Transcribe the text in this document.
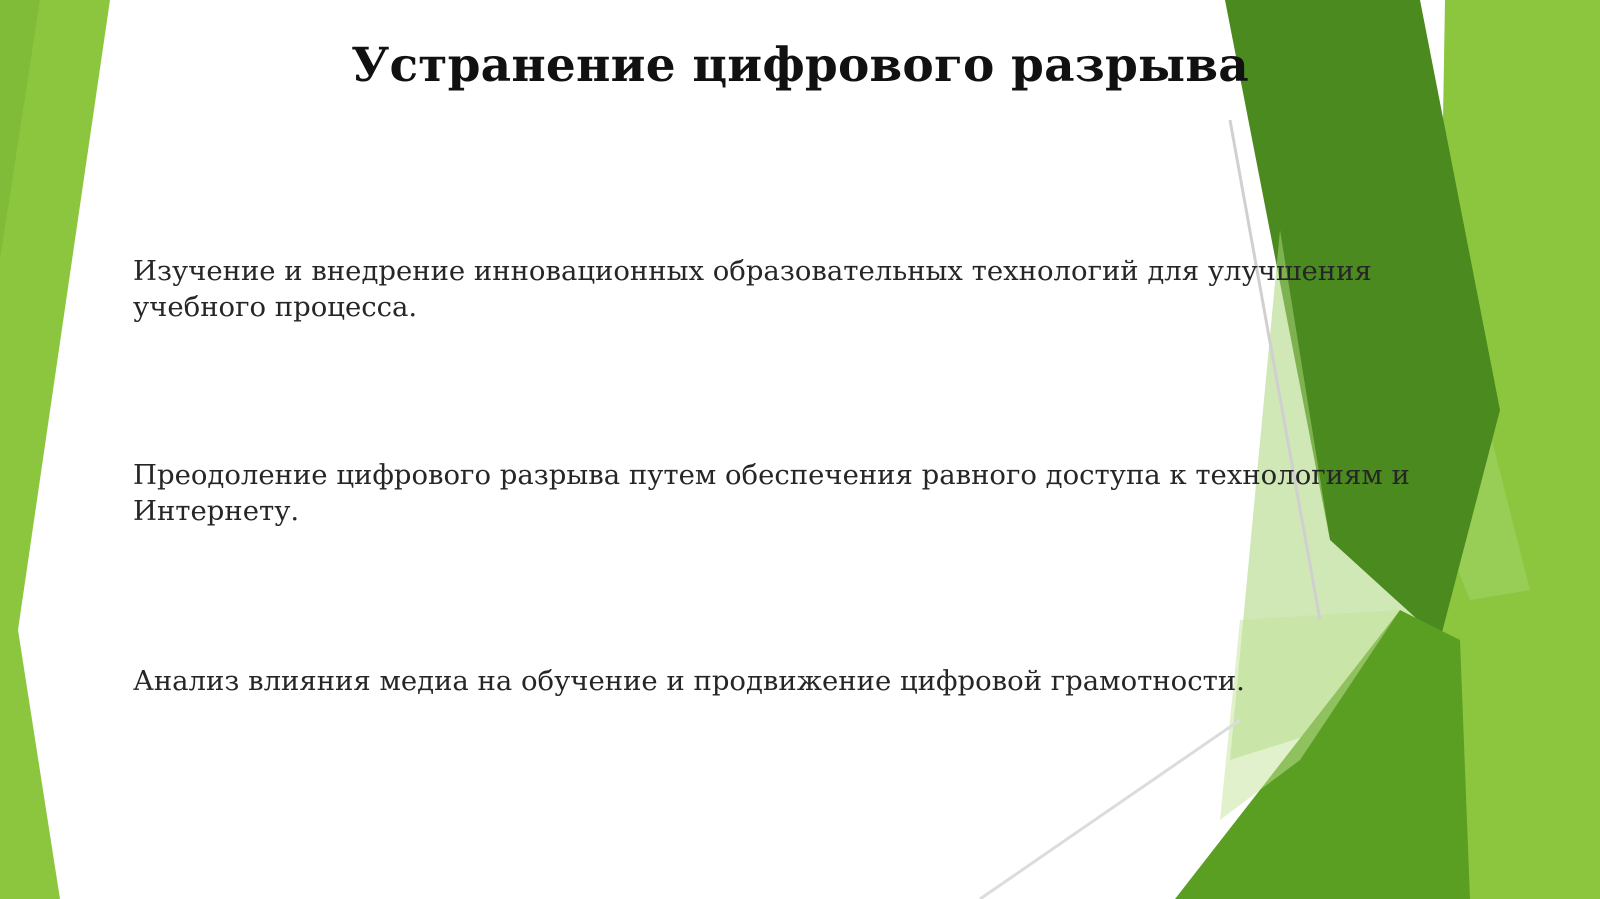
Устранение цифрового разрыва

Изучение и внедрение инновационных образовательных технологий для улучшения учебного процесса.

Преодоление цифрового разрыва путем обеспечения равного доступа к технологиям и Интернету.

Анализ влияния медиа на обучение и продвижение цифровой грамотности.
